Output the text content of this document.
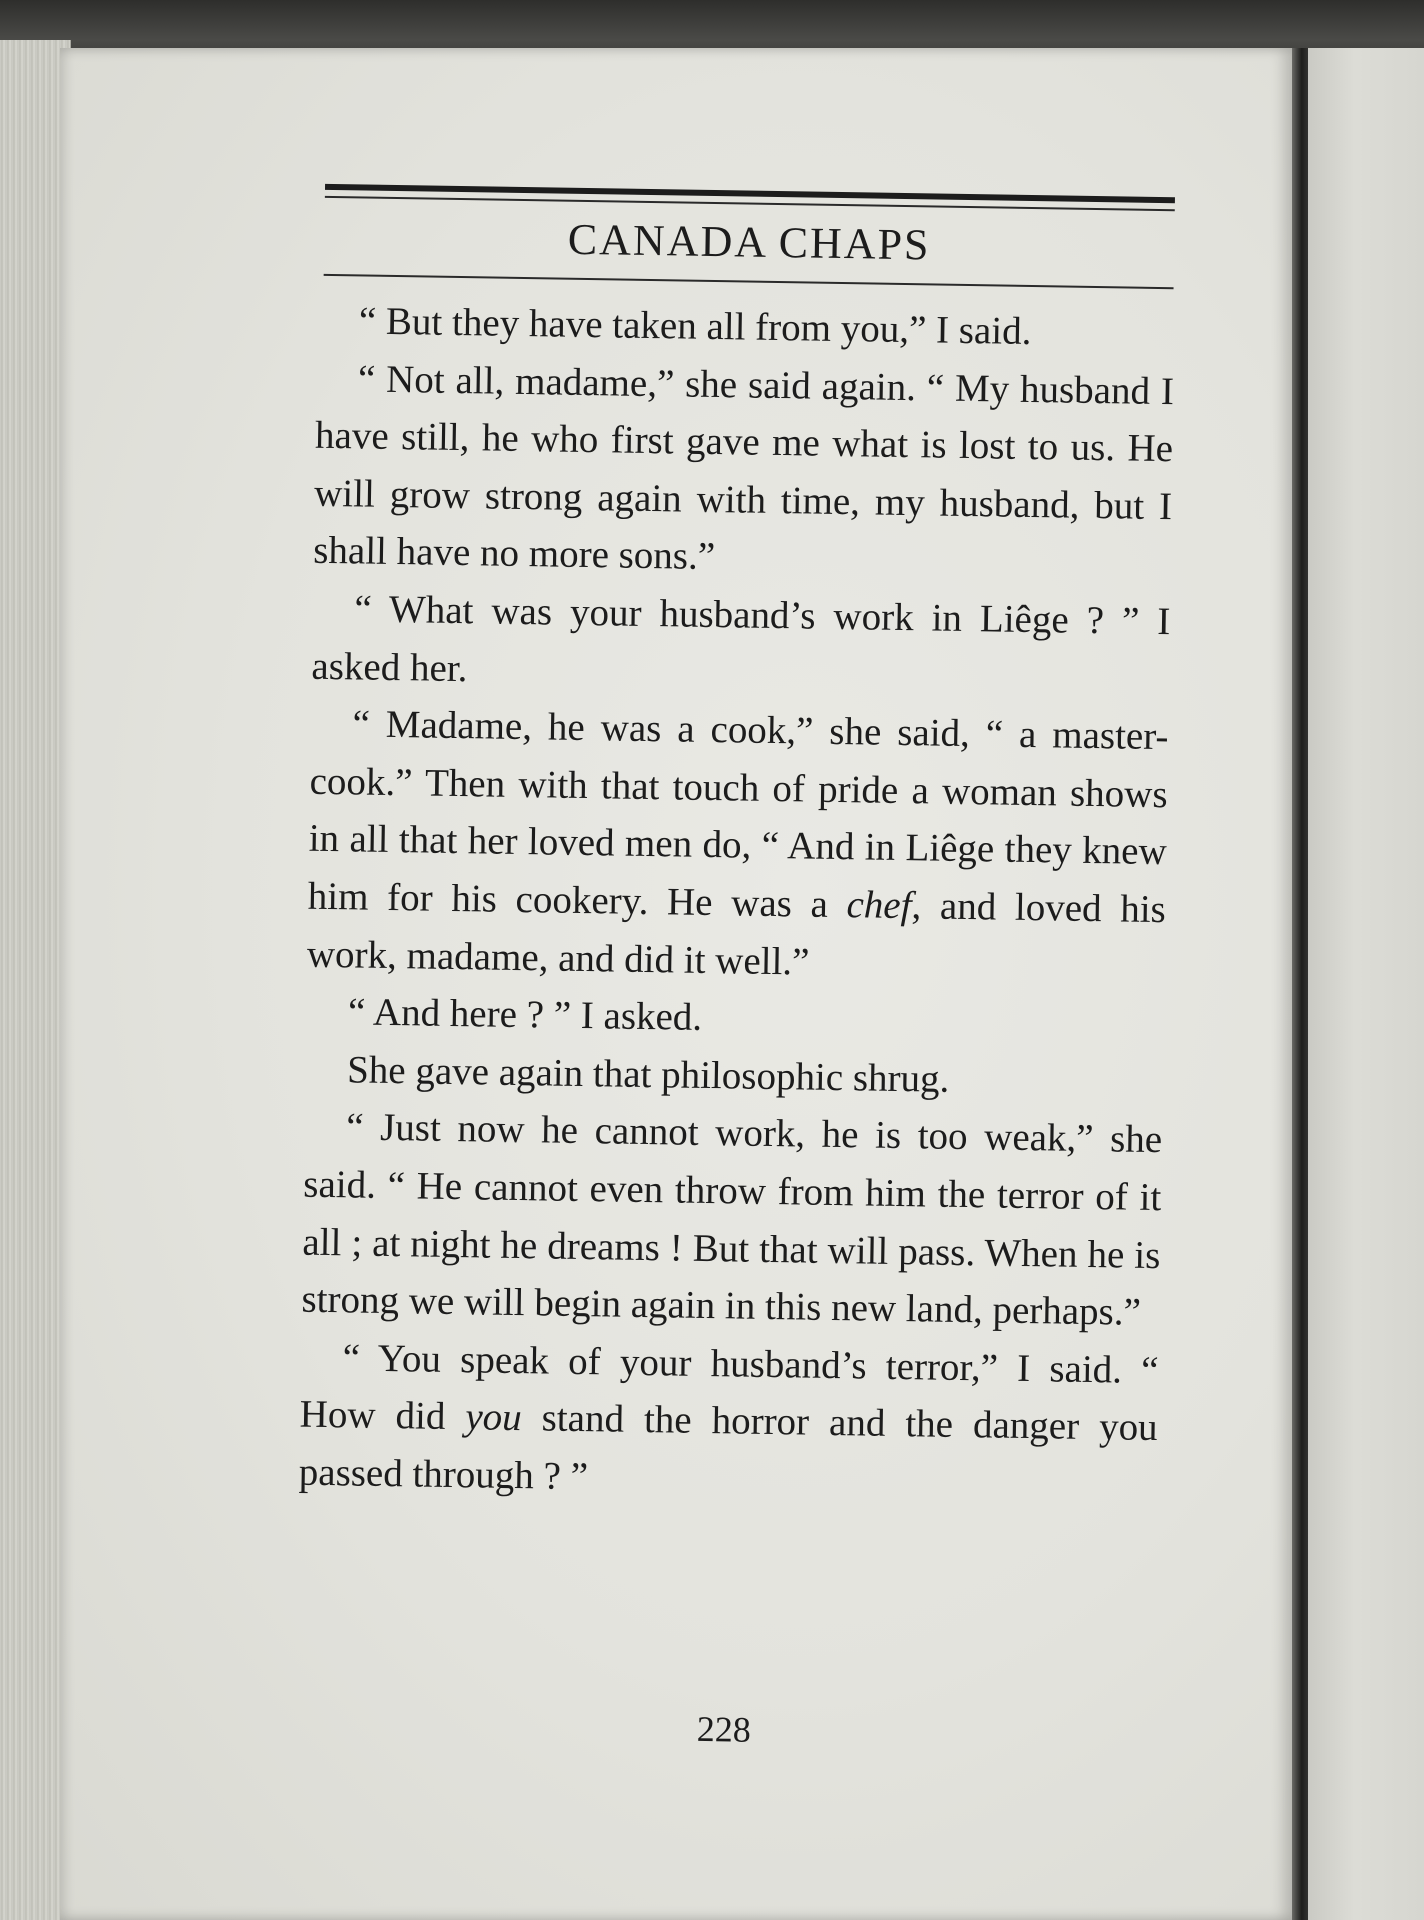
CANADA CHAPS

“ But they have taken all from you,” I said.

“ Not all, madame,” she said again. “ My husband I have still, he who first gave me what is lost to us. He will grow strong again with time, my husband, but I shall have no more sons.”

“ What was your husband’s work in Liêge ? ” I asked her.

“ Madame, he was a cook,” she said, “ a master-cook.” Then with that touch of pride a woman shows in all that her loved men do, “ And in Liêge they knew him for his cookery. He was a chef, and loved his work, madame, and did it well.”

“ And here ? ” I asked.

She gave again that philosophic shrug.

“ Just now he cannot work, he is too weak,” she said. “ He cannot even throw from him the terror of it all ; at night he dreams ! But that will pass. When he is strong we will begin again in this new land, perhaps.”

“ You speak of your husband’s terror,” I said. “ How did you stand the horror and the danger you passed through ? ”

228
